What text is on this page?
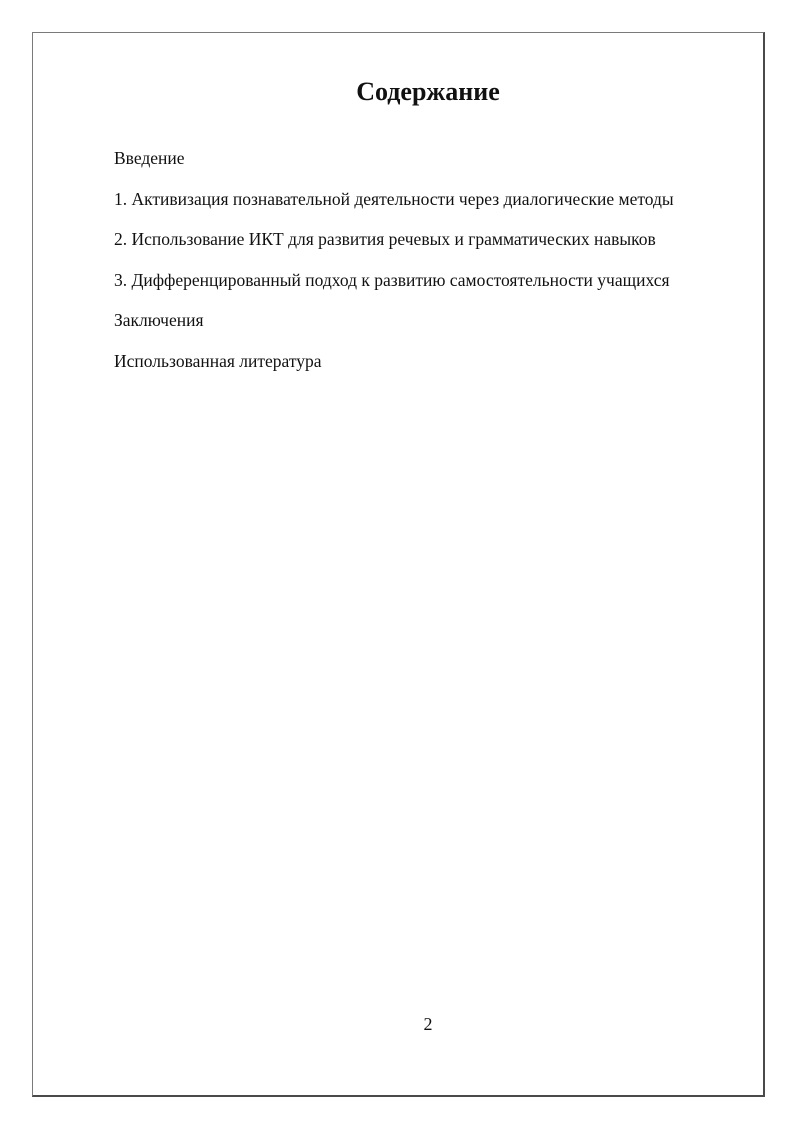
Содержание
Введение
1. Активизация познавательной деятельности через диалогические методы
2. Использование ИКТ для развития речевых и грамматических навыков
3. Дифференцированный подход к развитию самостоятельности учащихся
Заключения
Использованная литература
2
